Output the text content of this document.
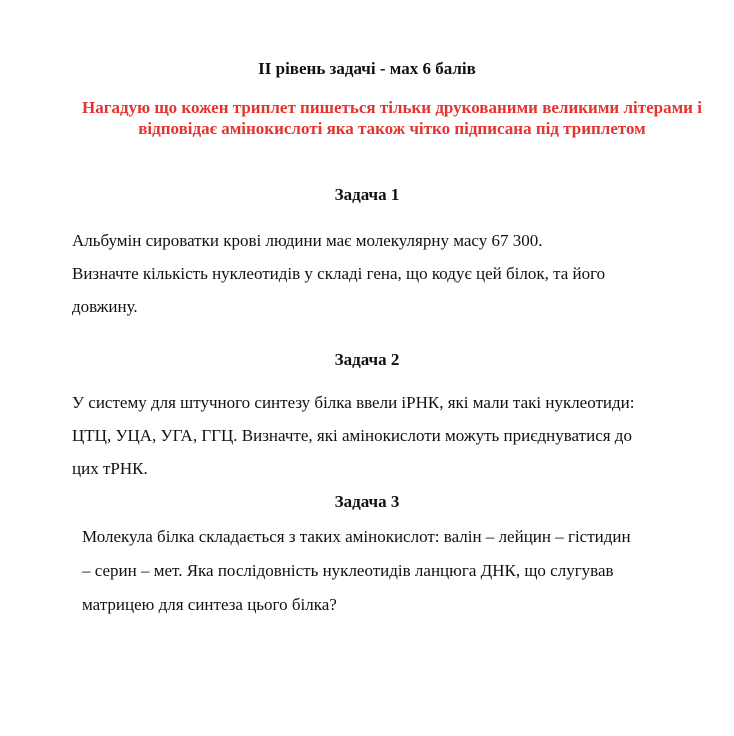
II рівень задачі - мах 6 балів
Нагадую що кожен триплет пишеться тільки друкованими великими літерами і відповідає амінокислоті яка також чітко підписана під триплетом
Задача 1
Альбумін сироватки крові людини має молекулярну масу 67 300.
Визначте кількість нуклеотидів у складі гена, що кодує цей білок, та його
довжину.
Задача 2
У систему для штучного синтезу білка ввели іРНК, які мали такі нуклеотиди:
ЦТЦ, УЦА, УГА, ГГЦ. Визначте, які амінокислоти можуть приєднуватися до
цих тРНК.
Задача 3
Молекула білка складається з таких амінокислот: валін – лейцин – гістидин
– серин – мет. Яка послідовність нуклеотидів ланцюга ДНК, що слугував
матрицею для синтеза цього білка?
